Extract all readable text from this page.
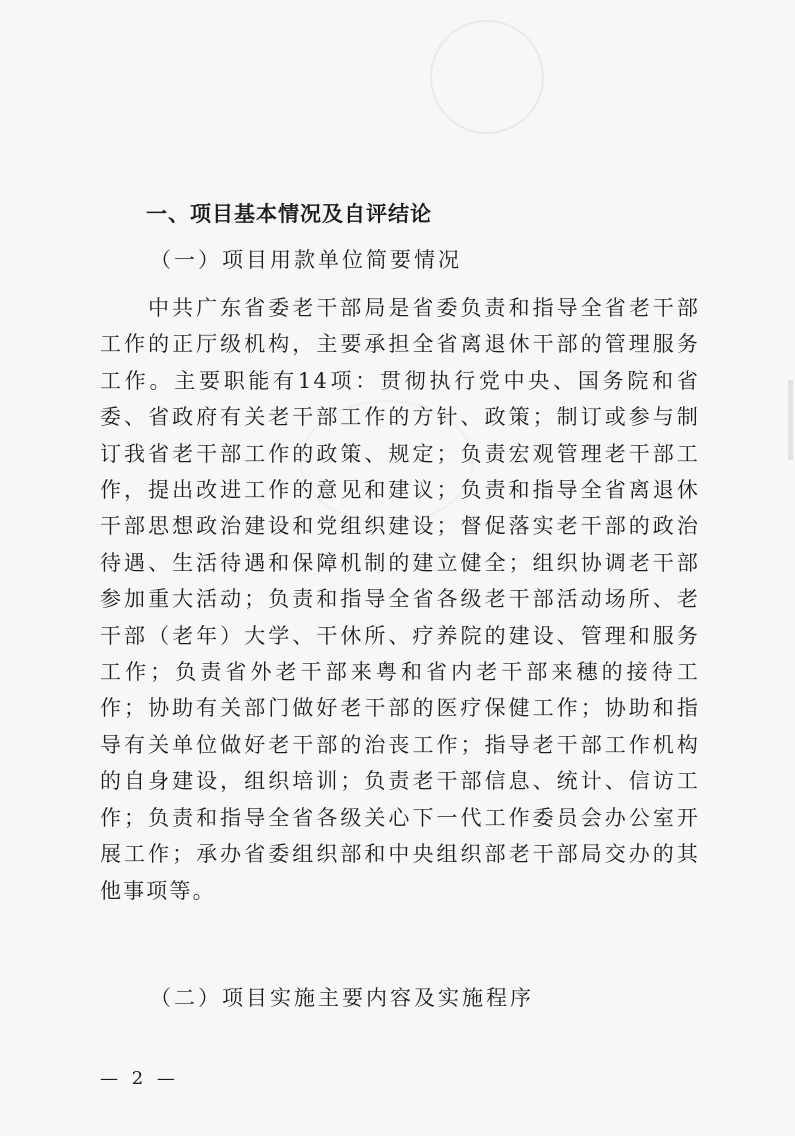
一、项目基本情况及自评结论
（一）项目用款单位简要情况

中共广东省委老干部局是省委负责和指导全省老干部工作的正厅级机构，主要承担全省离退休干部的管理服务工作。主要职能有14项：贯彻执行党中央、国务院和省委、省政府有关老干部工作的方针、政策；制订或参与制订我省老干部工作的政策、规定；负责宏观管理老干部工作，提出改进工作的意见和建议；负责和指导全省离退休干部思想政治建设和党组织建设；督促落实老干部的政治待遇、生活待遇和保障机制的建立健全；组织协调老干部参加重大活动；负责和指导全省各级老干部活动场所、老干部（老年）大学、干休所、疗养院的建设、管理和服务工作；负责省外老干部来粤和省内老干部来穗的接待工作；协助有关部门做好老干部的医疗保健工作；协助和指导有关单位做好老干部的治丧工作；指导老干部工作机构的自身建设，组织培训；负责老干部信息、统计、信访工作；负责和指导全省各级关心下一代工作委员会办公室开展工作；承办省委组织部和中央组织部老干部局交办的其他事项等。

（二）项目实施主要内容及实施程序
— 2 —
